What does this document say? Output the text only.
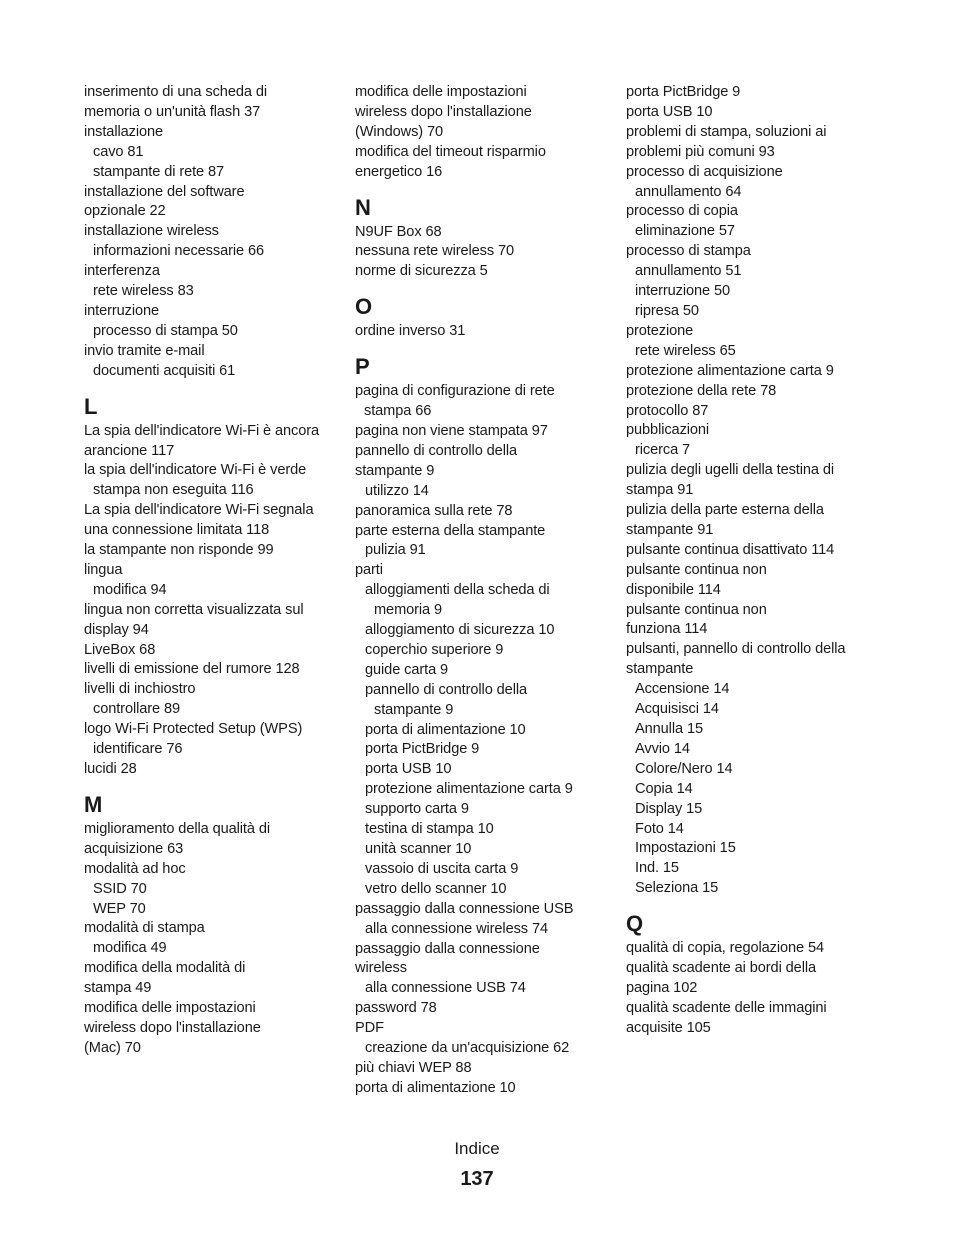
inserimento di una scheda di
memoria o un'unità flash 37
installazione
cavo 81
stampante di rete 87
installazione del software
opzionale 22
installazione wireless
informazioni necessarie 66
interferenza
rete wireless 83
interruzione
processo di stampa 50
invio tramite e-mail
documenti acquisiti 61
L
La spia dell'indicatore Wi-Fi è ancora
arancione 117
la spia dell'indicatore Wi-Fi è verde
stampa non eseguita 116
La spia dell'indicatore Wi-Fi segnala
una connessione limitata 118
la stampante non risponde 99
lingua
modifica 94
lingua non corretta visualizzata sul
display 94
LiveBox 68
livelli di emissione del rumore 128
livelli di inchiostro
controllare 89
logo Wi-Fi Protected Setup (WPS)
identificare 76
lucidi 28
M
miglioramento della qualità di
acquisizione 63
modalità ad hoc
SSID 70
WEP 70
modalità di stampa
modifica 49
modifica della modalità di
stampa 49
modifica delle impostazioni
wireless dopo l'installazione
(Mac) 70
modifica delle impostazioni
wireless dopo l'installazione
(Windows) 70
modifica del timeout risparmio
energetico 16
N
N9UF Box 68
nessuna rete wireless 70
norme di sicurezza 5
O
ordine inverso 31
P
pagina di configurazione di rete
stampa 66
pagina non viene stampata 97
pannello di controllo della
stampante 9
utilizzo 14
panoramica sulla rete 78
parte esterna della stampante
pulizia 91
parti
alloggiamenti della scheda di
memoria 9
alloggiamento di sicurezza 10
coperchio superiore 9
guide carta 9
pannello di controllo della
stampante 9
porta di alimentazione 10
porta PictBridge 9
porta USB 10
protezione alimentazione carta 9
supporto carta 9
testina di stampa 10
unità scanner 10
vassoio di uscita carta 9
vetro dello scanner 10
passaggio dalla connessione USB
alla connessione wireless 74
passaggio dalla connessione
wireless
alla connessione USB 74
password 78
PDF
creazione da un'acquisizione 62
più chiavi WEP 88
porta di alimentazione 10
porta PictBridge 9
porta USB 10
problemi di stampa, soluzioni ai
problemi più comuni 93
processo di acquisizione
annullamento 64
processo di copia
eliminazione 57
processo di stampa
annullamento 51
interruzione 50
ripresa 50
protezione
rete wireless 65
protezione alimentazione carta 9
protezione della rete 78
protocollo 87
pubblicazioni
ricerca 7
pulizia degli ugelli della testina di
stampa 91
pulizia della parte esterna della
stampante 91
pulsante continua disattivato 114
pulsante continua non
disponibile 114
pulsante continua non
funziona 114
pulsanti, pannello di controllo della
stampante
Accensione 14
Acquisisci 14
Annulla 15
Avvio 14
Colore/Nero 14
Copia 14
Display 15
Foto 14
Impostazioni 15
Ind. 15
Seleziona 15
Q
qualità di copia, regolazione 54
qualità scadente ai bordi della
pagina 102
qualità scadente delle immagini
acquisite 105
Indice
137
